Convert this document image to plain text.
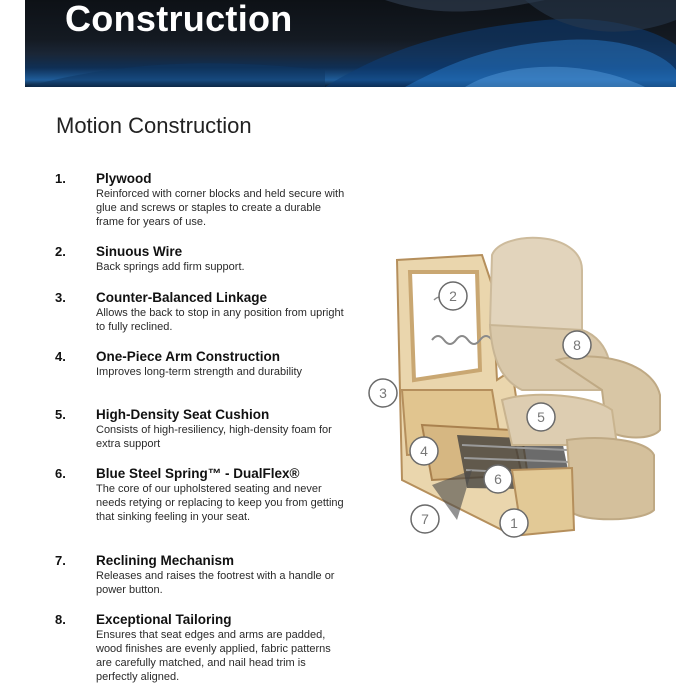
Construction
Motion Construction
1. Plywood

Reinforced with corner blocks and held secure with glue and screws or staples to create a durable frame for years of use.

2. Sinuous Wire

Back springs add firm support.

3. Counter-Balanced Linkage

Allows the back to stop in any position from upright to fully reclined.

4. One-Piece Arm Construction

Improves long-term strength and durability

5. High-Density Seat Cushion

Consists of high-resiliency, high-density foam for extra support

6. Blue Steel Spring™ - DualFlex®

The core of our upholstered seating and never needs retying or replacing to keep you from getting that sinking feeling in your seat.

7. Reclining Mechanism

Releases and raises the footrest with a handle or power button.

8. Exceptional Tailoring

Ensures that seat edges and arms are padded, wood finishes are evenly applied, fabric patterns are carefully matched, and nail head trim is perfectly aligned.

1
2
3
4
5
6
7
8
